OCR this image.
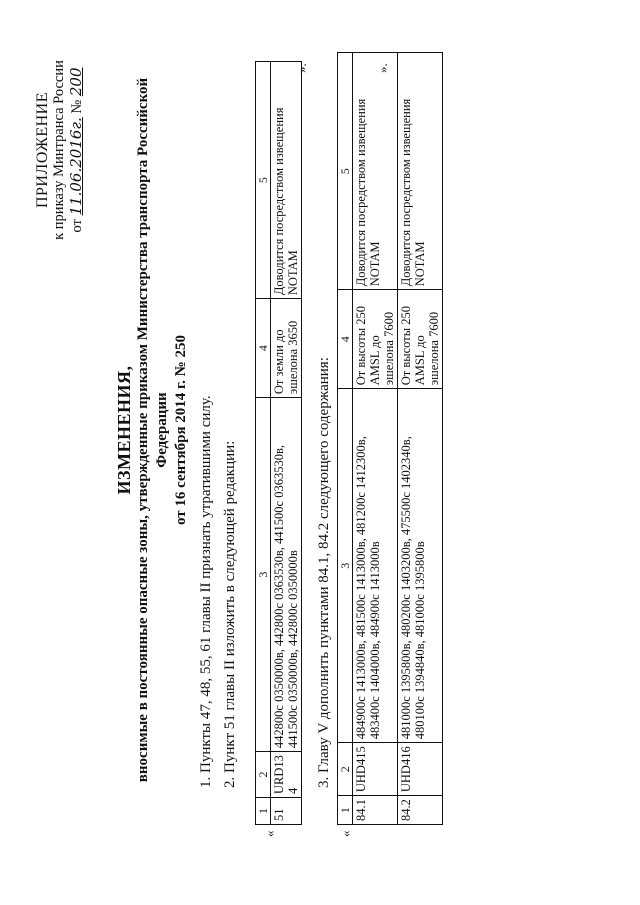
ПРИЛОЖЕНИЕ к приказу Минтранса России от 11.06.2016г. № 200
ИЗМЕНЕНИЯ, вносимые в постоянные опасные зоны, утвержденные приказом Министерства транспорта Российской Федерации от 16 сентября 2014 г. № 250 1. Пункты 47, 48, 55, 61 главы II признать утратившими силу. 2. Пункт 51 главы II изложить в следующей редакции:
«
1	2	3	4	5
51	URD13 4	442800с 0350000в, 442800с 0363530в, 441500с 0363530в, 441500с 0350000в, 442800с 0350000в	От земли до эшелона 3650	Доводится посредством извещения NOTAM
».
3. Главу V дополнить пунктами 84.1, 84.2 следующего содержания:
«
1	2	3	4	5
84.1	UHD415	484900с 1413000в, 481500с 1413000в, 481200с 1412300в, 483400с 1404000в, 484900с 1413000в	От высоты 250 AMSL до эшелона 7600	Доводится посредством извещения NOTAM
84.2	UHD416	481000с 1395800в, 480200с 1403200в, 475500с 1402340в, 480100с 1394840в, 481000с 1395800в	От высоты 250 AMSL до эшелона 7600	Доводится посредством извещения NOTAM
».
